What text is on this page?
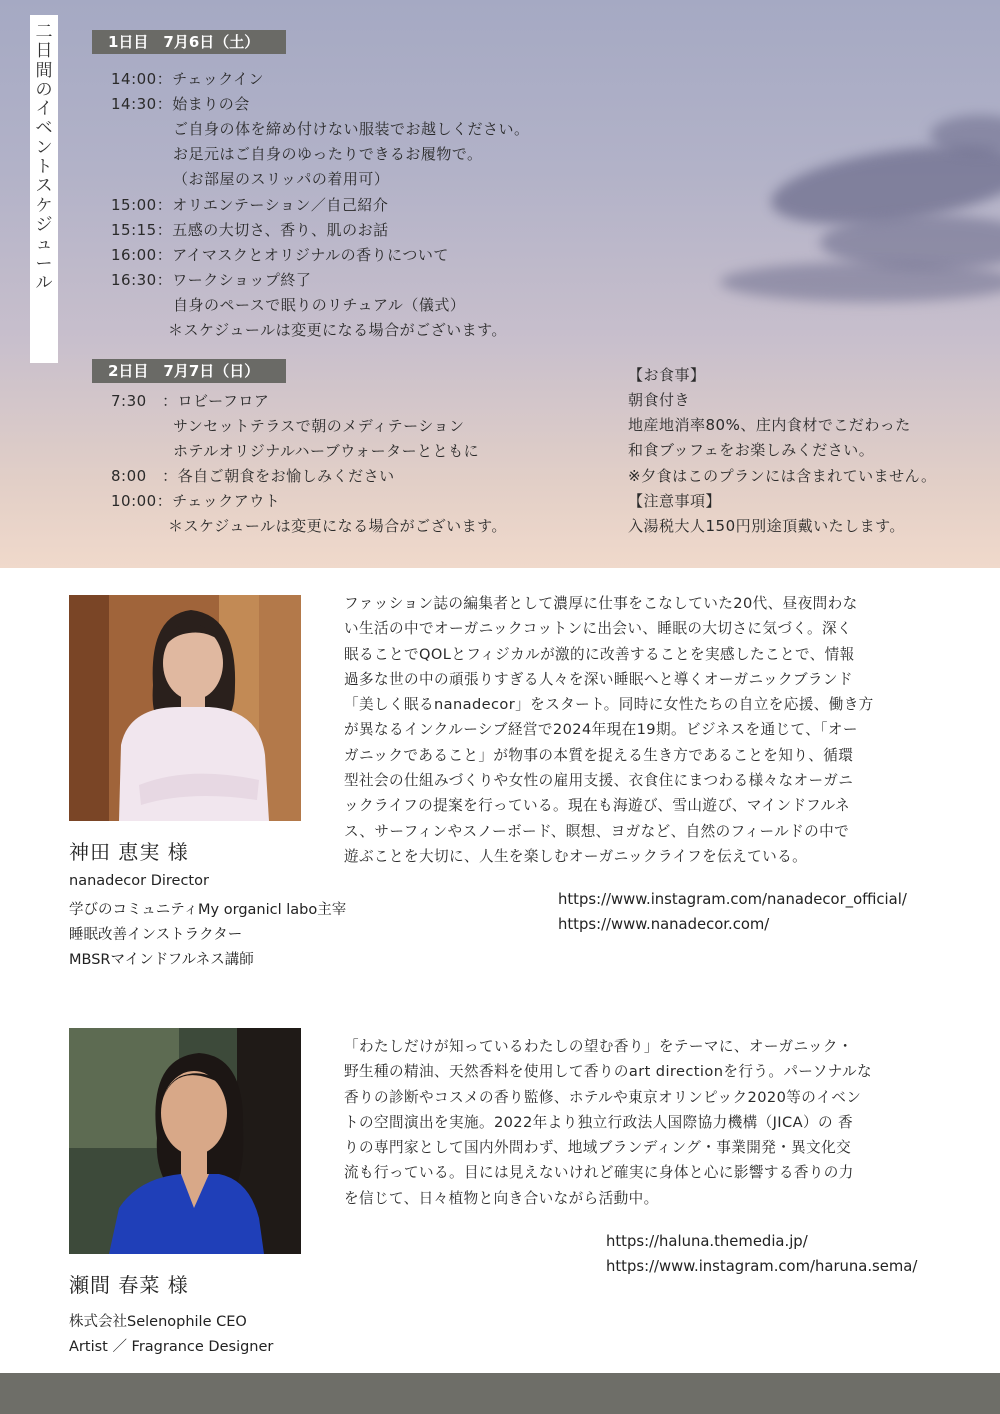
二
日
間
の
イ
ベ
ン
ト
ス
ケ
ジ
ュ
ー
ル
1日目　7月6日（土）
14:00：チェックイン
14:30：始まりの会
ご自身の体を締め付けない服装でお越しください。
お足元はご自身のゆったりできるお履物で。
（お部屋のスリッパの着用可）
15:00：オリエンテーション／自己紹介
15:15：五感の大切さ、香り、肌のお話
16:00：アイマスクとオリジナルの香りについて
16:30：ワークショップ終了
自身のペースで眠りのリチュアル（儀式）
＊スケジュールは変更になる場合がございます。
2日目　7月7日（日）
7:30　：ロビーフロア
サンセットテラスで朝のメディテーション
ホテルオリジナルハーブウォーターとともに
8:00　：各自ご朝食をお愉しみください
10:00：チェックアウト
＊スケジュールは変更になる場合がございます。
【お食事】
朝食付き
地産地消率80%、庄内食材でこだわった
和食ブッフェをお楽しみください。
※夕食はこのプランには含まれていません。
【注意事項】
入湯税大人150円別途頂戴いたします。
神田 恵実 様
nanadecor Director
学びのコミュニティMy organicl labo主宰
睡眠改善インストラクター
MBSRマインドフルネス講師
ファッション誌の編集者として濃厚に仕事をこなしていた20代、昼夜問わな
い生活の中でオーガニックコットンに出会い、睡眠の大切さに気づく。深く
眠ることでQOLとフィジカルが激的に改善することを実感したことで、情報
過多な世の中の頑張りすぎる人々を深い睡眠へと導くオーガニックブランド
「美しく眠るnanadecor」をスタート。同時に女性たちの自立を応援、働き方
が異なるインクルーシブ経営で2024年現在19期。ビジネスを通じて、「オー
ガニックであること」が物事の本質を捉える生き方であることを知り、循環
型社会の仕組みづくりや女性の雇用支援、衣食住にまつわる様々なオーガニ
ックライフの提案を行っている。現在も海遊び、雪山遊び、マインドフルネ
ス、サーフィンやスノーボード、瞑想、ヨガなど、自然のフィールドの中で
遊ぶことを大切に、人生を楽しむオーガニックライフを伝えている。
https://www.instagram.com/nanadecor_official/
https://www.nanadecor.com/
瀬間 春菜 様
株式会社Selenophile CEO
Artist ／ Fragrance Designer
「わたしだけが知っているわたしの望む香り」をテーマに、オーガニック・
野生種の精油、天然香料を使用して香りのart directionを行う。パーソナルな
香りの診断やコスメの香り監修、ホテルや東京オリンピック2020等のイベン
トの空間演出を実施。2022年より独立行政法人国際協力機構（JICA）の 香
りの専門家として国内外問わず、地域ブランディング・事業開発・異文化交
流も行っている。目には見えないけれど確実に身体と心に影響する香りの力
を信じて、日々植物と向き合いながら活動中。
https://haluna.themedia.jp/
https://www.instagram.com/haruna.sema/
